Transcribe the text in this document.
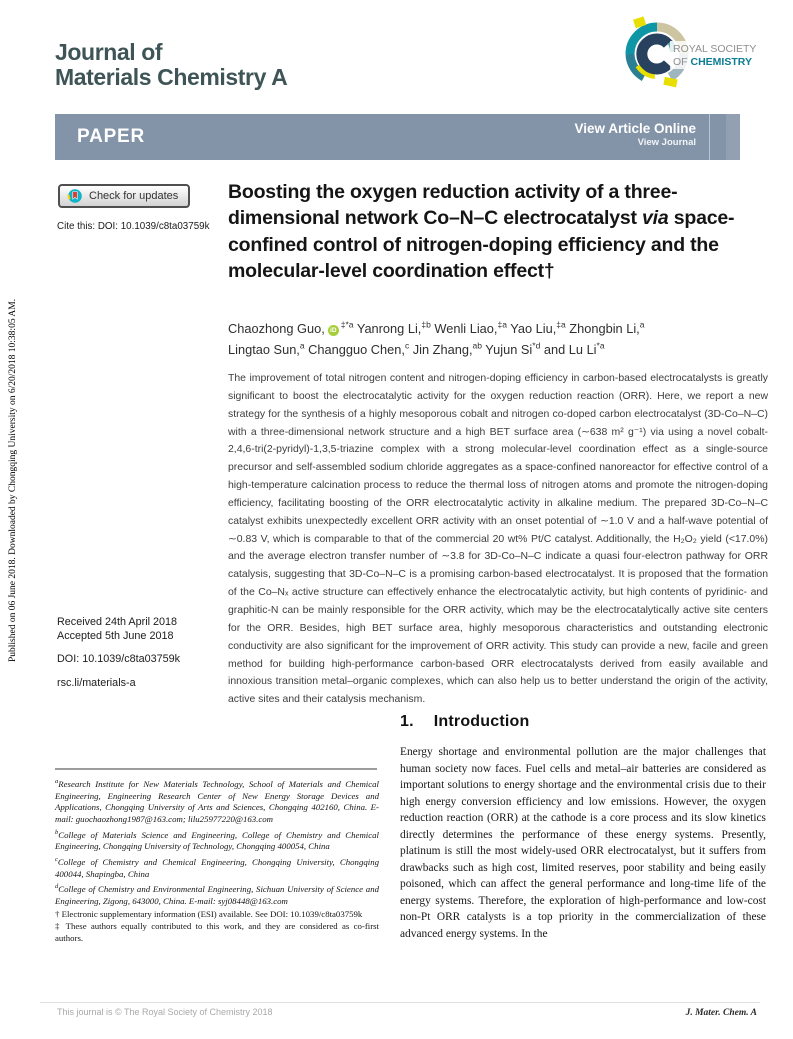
Published on 06 June 2018. Downloaded by Chongqing University on 6/20/2018 10:38:05 AM.
Journal of
Materials Chemistry A
ROYAL SOCIETY
OF CHEMISTRY
PAPER	View Article Online
View Journal
Check for updates
Cite this: DOI: 10.1039/c8ta03759k
Boosting the oxygen reduction activity of a three-dimensional network Co–N–C electrocatalyst via space-confined control of nitrogen-doping efficiency and the molecular-level coordination effect†
Chaozhong Guo, $iD^{\ddagger*a}$ Yanrong Li,$^{\ddagger b}$ Wenli Liao,$^{\ddagger a}$ Yao Liu,$^{\ddagger a}$ Zhongbin Li,$^a$
Lingtao Sun,$^a$ Changguo Chen,$^c$ Jin Zhang,$^{ab}$ Yujun Si$^{*d}$ and Lu Li$^{*a}$
The improvement of total nitrogen content and nitrogen-doping efficiency in carbon-based electrocatalysts is greatly significant to boost the electrocatalytic activity for the oxygen reduction reaction (ORR). Here, we report a new strategy for the synthesis of a highly mesoporous cobalt and nitrogen co-doped carbon electrocatalyst (3D-Co–N–C) with a three-dimensional network structure and a high BET surface area (∼638 m² g⁻¹) via using a novel cobalt-2,4,6-tri(2-pyridyl)-1,3,5-triazine complex with a strong molecular-level coordination effect as a single-source precursor and self-assembled sodium chloride aggregates as a space-confined nanoreactor for effective control of a high-temperature calcination process to reduce the thermal loss of nitrogen atoms and promote the nitrogen-doping efficiency, facilitating boosting of the ORR electrocatalytic activity in alkaline medium. The prepared 3D-Co–N–C catalyst exhibits unexpectedly excellent ORR activity with an onset potential of ∼1.0 V and a half-wave potential of ∼0.83 V, which is comparable to that of the commercial 20 wt% Pt/C catalyst. Additionally, the H₂O₂ yield (<17.0%) and the average electron transfer number of ∼3.8 for 3D-Co–N–C indicate a quasi four-electron pathway for ORR catalysis, suggesting that 3D-Co–N–C is a promising carbon-based electrocatalyst. It is proposed that the formation of the Co–Nₓ active structure can effectively enhance the electrocatalytic activity, but high contents of pyridinic- and graphitic-N can be mainly responsible for the ORR activity, which may be the electrocatalytically active site centers for the ORR. Besides, high BET surface area, highly mesoporous characteristics and outstanding electronic conductivity are also significant for the improvement of ORR activity. This study can provide a new, facile and green method for building high-performance carbon-based ORR electrocatalysts derived from easily available and innoxious transition metal–organic complexes, which can also help us to better understand the origin of the activity, active sites and their catalysis mechanism.
Received 24th April 2018
Accepted 5th June 2018
DOI: 10.1039/c8ta03759k
rsc.li/materials-a

$^a$Research Institute for New Materials Technology, School of Materials and Chemical Engineering, Engineering Research Center of New Energy Storage Devices and Applications, Chongqing University of Arts and Sciences, Chongqing 402160, China. E-mail: guochaozhong1987@163.com; lilu25977220@163.com

$^b$College of Materials Science and Engineering, College of Chemistry and Chemical Engineering, Chongqing University of Technology, Chongqing 400054, China

$^c$College of Chemistry and Chemical Engineering, Chongqing University, Chongqing 400044, Shapingba, China

$^d$College of Chemistry and Environmental Engineering, Sichuan University of Science and Engineering, Zigong, 643000, China. E-mail: syj08448@163.com

† Electronic supplementary information (ESI) available. See DOI: 10.1039/c8ta03759k

‡ These authors equally contributed to this work, and they are considered as co-first authors.

1. Introduction

Energy shortage and environmental pollution are the major challenges that human society now faces. Fuel cells and metal–air batteries are considered as important solutions to energy shortage and the environmental crisis due to their high energy conversion efficiency and low emissions. However, the oxygen reduction reaction (ORR) at the cathode is a core process and its slow kinetics directly determines the performance of these energy systems. Presently, platinum is still the most widely-used ORR electrocatalyst, but it suffers from drawbacks such as high cost, limited reserves, poor stability and being easily poisoned, which can affect the general performance and long-time life of the energy systems. Therefore, the exploration of high-performance and low-cost non-Pt ORR catalysts is a top priority in the commercialization of these advanced energy systems. In the

This journal is © The Royal Society of Chemistry 2018	J. Mater. Chem. A
